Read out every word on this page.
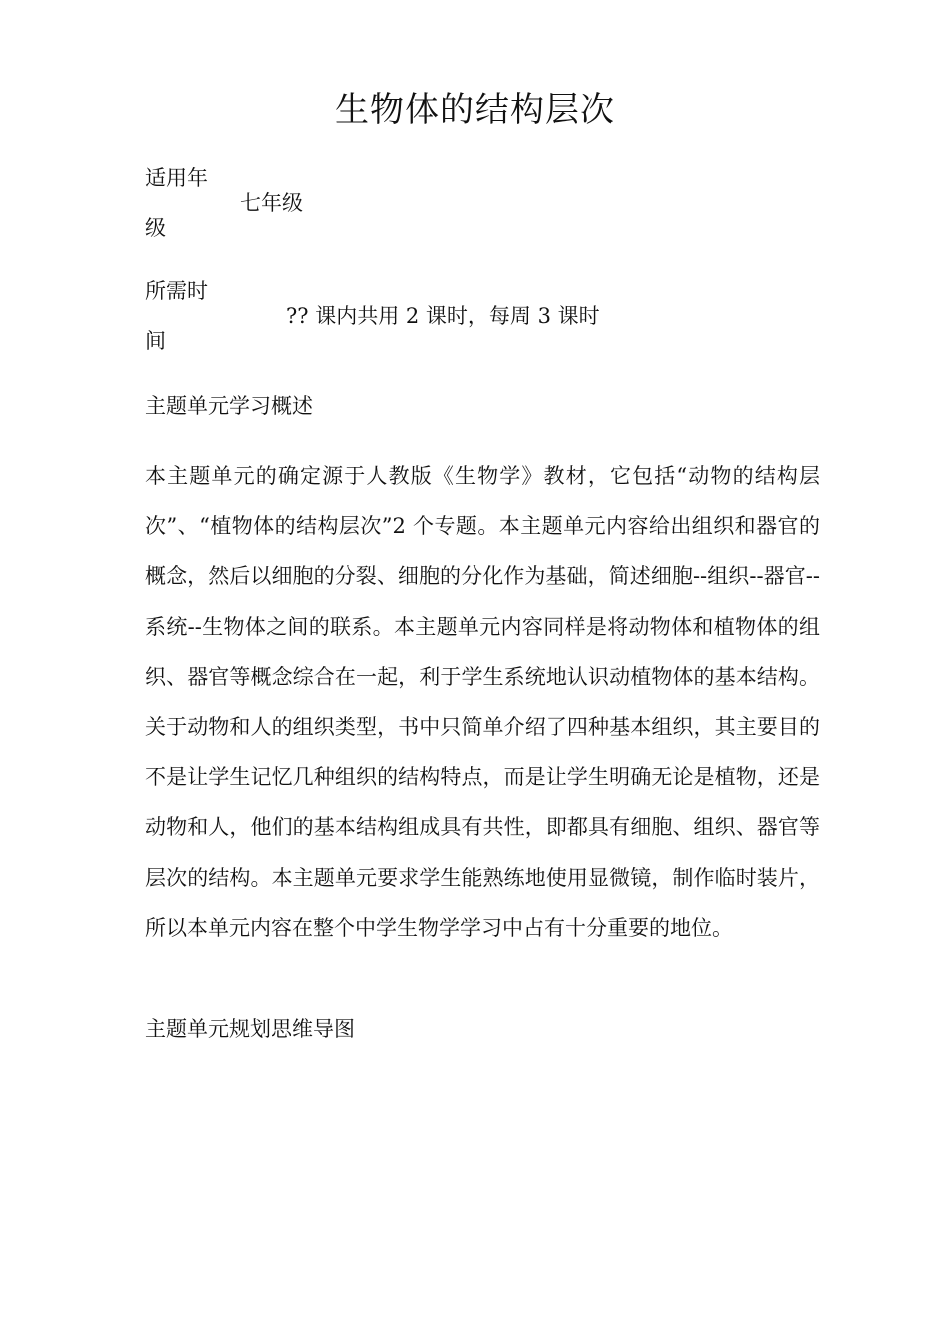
生物体的结构层次
适用年级
七年级
所需时间
?? 课内共用 2 课时，每周 3 课时
主题单元学习概述

本主题单元的确定源于人教版《生物学》教材，它包括“动物的结构层次”、“植物体的结构层次”2 个专题。本主题单元内容给出组织和器官的概念，然后以细胞的分裂、细胞的分化作为基础，简述细胞--组织--器官--系统--生物体之间的联系。本主题单元内容同样是将动物体和植物体的组织、器官等概念综合在一起，利于学生系统地认识动植物体的基本结构。关于动物和人的组织类型，书中只简单介绍了四种基本组织，其主要目的不是让学生记忆几种组织的结构特点，而是让学生明确无论是植物，还是动物和人，他们的基本结构组成具有共性，即都具有细胞、组织、器官等层次的结构。本主题单元要求学生能熟练地使用显微镜，制作临时装片，所以本单元内容在整个中学生物学学习中占有十分重要的地位。

主题单元规划思维导图
